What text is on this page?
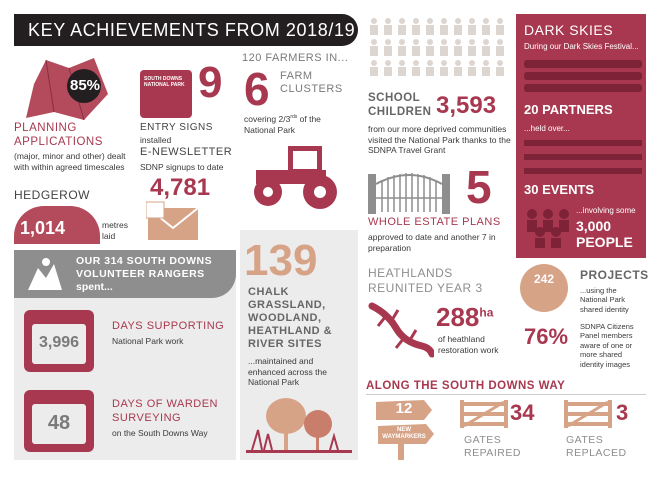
KEY ACHIEVEMENTS FROM 2018/19
85%
PLANNING APPLICATIONS
(major, minor and other) dealt with within agreed timescales
HEDGEROW
1,014	metres laid
OUR 314 SOUTH DOWNS
VOLUNTEER RANGERS
spent...
3,996
DAYS SUPPORTING
National Park work
48
DAYS OF WARDEN
SURVEYING
on the South Downs Way
SOUTH DOWNS NATIONAL PARK 9
ENTRY SIGNS
installed
E-NEWSLETTER
SDNP signups to date
4,781
120 FARMERS IN...
6 FARM
CLUSTERS
covering $2/3^{rds}$ of the National Park
139
CHALK
GRASSLAND,
WOODLAND,
HEATHLAND &
RIVER SITES
...maintained and enhanced across the National Park
SCHOOL
CHILDREN 3,593
from our more deprived communities visited the National Park thanks to the SDNPA Travel Grant
5
WHOLE ESTATE PLANS
approved to date and another 7 in preparation
HEATHLANDS
REUNITED YEAR 3
$288^{ha}$
of heathland restoration work
DARK SKIES
During our Dark Skies Festival...
20 PARTNERS
...held over...
30 EVENTS
...involving some
3,000
PEOPLE
242	PROJECTS
...using the National Park shared identity
76% SDNPA Citizens Panel members aware of one or more shared identity images
ALONG THE SOUTH DOWNS WAY
12
NEW WAYMARKERS
34
GATES
REPAIRED
3
GATES
REPLACED
